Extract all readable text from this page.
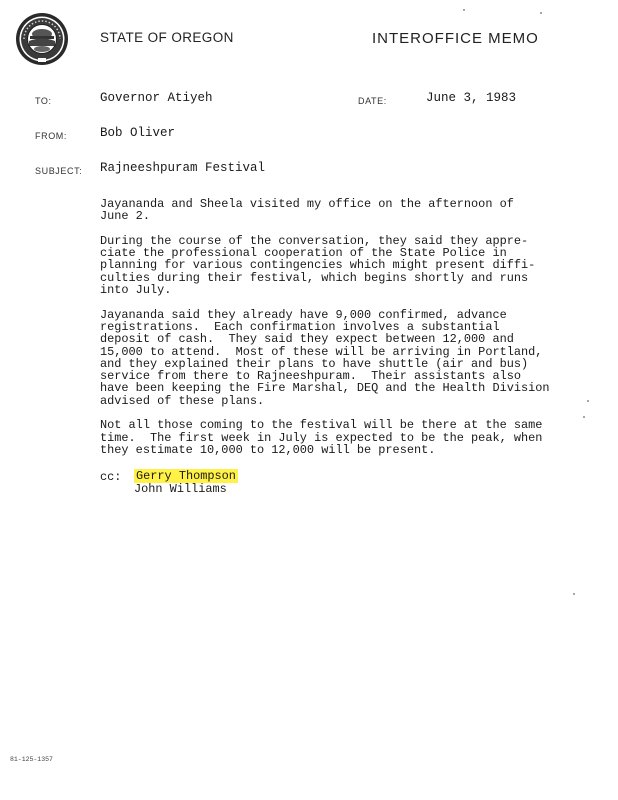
STATE OF OREGON	INTEROFFICE MEMO
TO:	Governor Atiyeh	DATE:	June 3, 1983
FROM:	Bob Oliver
SUBJECT: Rajneeshpuram Festival
Jayananda and Sheela visited my office on the afternoon of
June 2.
During the course of the conversation, they said they appre-
ciate the professional cooperation of the State Police in
planning for various contingencies which might present diffi-
culties during their festival, which begins shortly and runs
into July.
Jayananda said they already have 9,000 confirmed, advance
registrations.  Each confirmation involves a substantial
deposit of cash.  They said they expect between 12,000 and
15,000 to attend.  Most of these will be arriving in Portland,
and they explained their plans to have shuttle (air and bus)
service from there to Rajneeshpuram.  Their assistants also
have been keeping the Fire Marshal, DEQ and the Health Division
advised of these plans.
Not all those coming to the festival will be there at the same
time.  The first week in July is expected to be the peak, when
they estimate 10,000 to 12,000 will be present.
cc: Gerry Thompson
John Williams
81-125-1357
